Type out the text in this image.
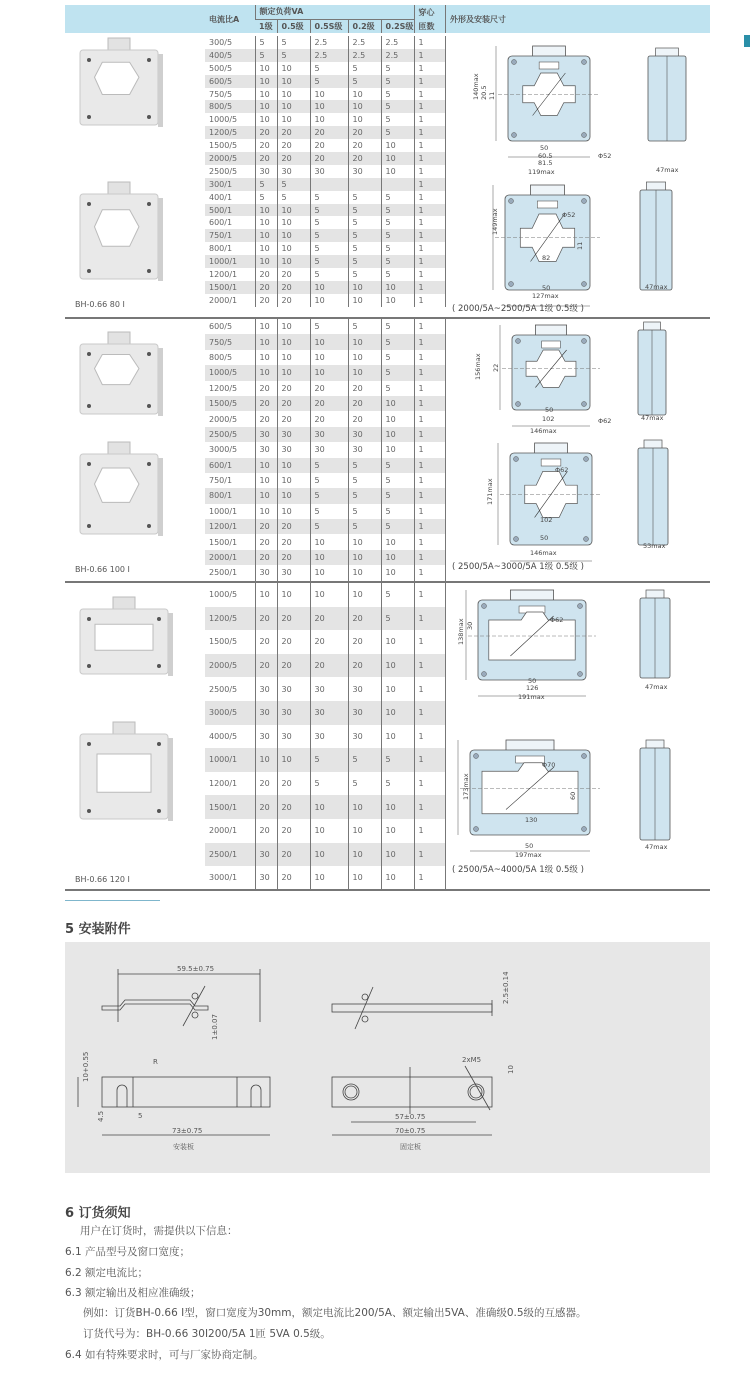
电流比A	额定负荷VA					穿心
	1级	0.5级	0.5S级	0.2级	0.2S级	匝数
外形及安装尺寸
300/5	5	5	2.5	2.5	2.5	1
400/5	5	5	2.5	2.5	2.5	1
500/5	10	10	5	5	5	1
600/5	10	10	5	5	5	1
750/5	10	10	10	10	5	1
800/5	10	10	10	10	5	1
1000/5	10	10	10	10	5	1
1200/5	20	20	20	20	5	1
1500/5	20	20	20	20	10	1
2000/5	20	20	20	20	10	1
2500/5	30	30	30	30	10	1
300/1	5	5				1
400/1	5	5	5	5	5	1
500/1	10	10	5	5	5	1
600/1	10	10	5	5	5	1
750/1	10	10	5	5	5	1
800/1	10	10	5	5	5	1
1000/1	10	10	5	5	5	1
1200/1	20	20	5	5	5	1
1500/1	20	20	10	10	10	1
2000/1	20	20	10	10	10	1
600/5	10	10	5	5	5	1
750/5	10	10	10	10	5	1
800/5	10	10	10	10	5	1
1000/5	10	10	10	10	5	1
1200/5	20	20	20	20	5	1
1500/5	20	20	20	20	10	1
2000/5	20	20	20	20	10	1
2500/5	30	30	30	30	10	1
3000/5	30	30	30	30	10	1
600/1	10	10	5	5	5	1
750/1	10	10	5	5	5	1
800/1	10	10	5	5	5	1
1000/1	10	10	5	5	5	1
1200/1	20	20	5	5	5	1
1500/1	20	20	10	10	10	1
2000/1	20	20	10	10	10	1
2500/1	30	30	10	10	10	1
1000/5	10	10	10	10	5	1
1200/5	20	20	20	20	5	1
1500/5	20	20	20	20	10	1
2000/5	20	20	20	20	10	1
2500/5	30	30	30	30	10	1
3000/5	30	30	30	30	10	1
4000/5	30	30	30	30	10	1
1000/1	10	10	5	5	5	1
1200/1	20	20	5	5	5	1
1500/1	20	20	10	10	10	1
2000/1	20	20	10	10	10	1
2500/1	30	20	10	10	10	1
3000/1	30	20	10	10	10	1
BH-0.66 80 I
BH-0.66 100 I
BH-0.66 120 I
140max 20.5 11
50
60.5
81.5
119max
Φ52
47max
149max	Φ52
82
11
50
127max
47max
( 2000/5A~2500/5A 1级 0.5级 )
156max 22
50
102
146max
Φ62	47max
171max
Φ62
102
50
146max
53max
( 2500/5A~3000/5A 1级 0.5级 )
138max 30
Φ62
50
126
191max
47max
173max
Φ70
60
130
50
197max
47max
( 2500/5A~4000/5A 1级 0.5级 )
5 安装附件
59.5±0.75
1±0.07
2.5±0.14
10+0.55	R
4.5	5
73±0.75
2xM5
10
57±0.75
70±0.75
安装板	固定板
6 订货须知
用户在订货时，需提供以下信息：
6.1 产品型号及窗口宽度；
6.2 额定电流比；
6.3 额定输出及相应准确级；
例如：订货BH-0.66 Ⅰ型，窗口宽度为30mm，额定电流比200/5A、额定输出5VA、准确级0.5级的互感器。
订货代号为：BH-0.66 30Ⅰ200/5A 1匝 5VA 0.5级。
6.4 如有特殊要求时，可与厂家协商定制。
